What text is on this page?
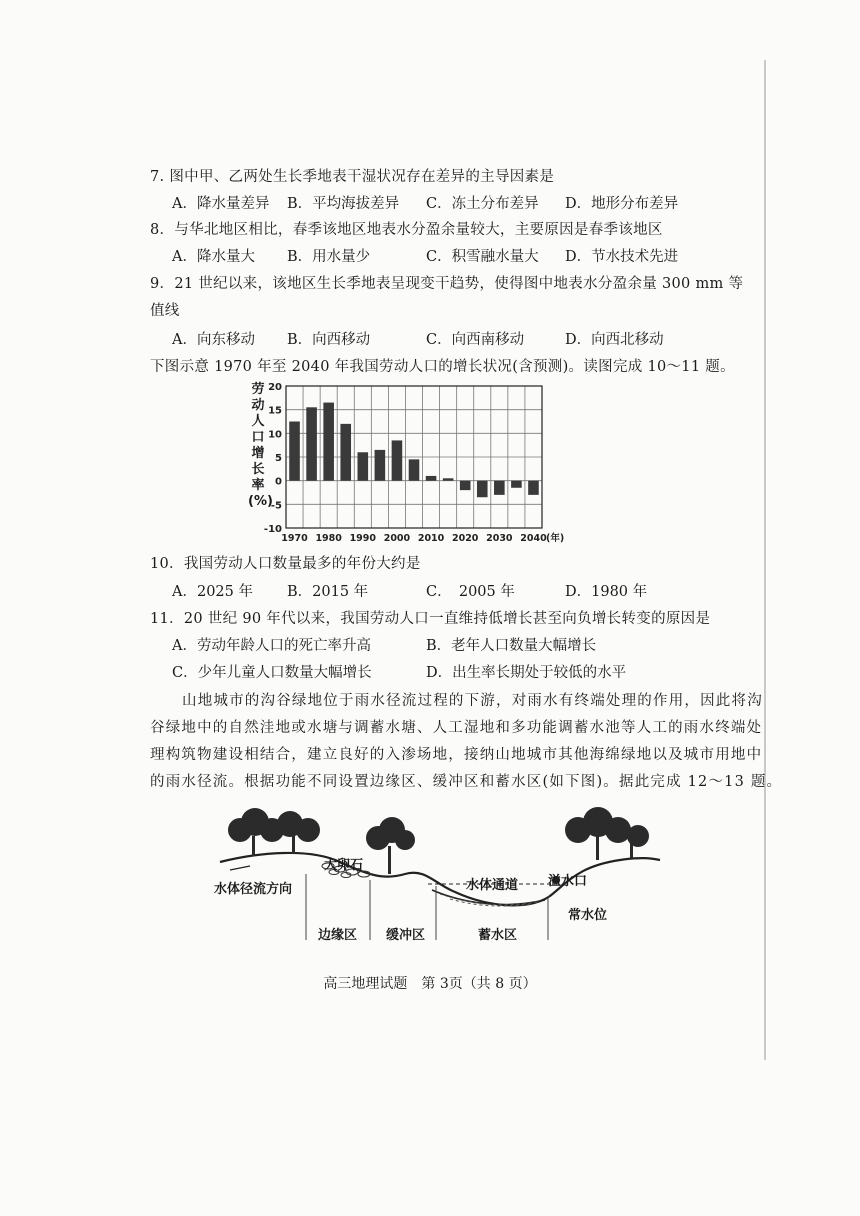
7. 图中甲、乙两处生长季地表干湿状况存在差异的主导因素是
A．降水量差异 B．平均海拔差异 C．冻土分布差异 D．地形分布差异
8．与华北地区相比，春季该地区地表水分盈余量较大，主要原因是春季该地区
A．降水量大 B．用水量少	C．积雪融水量大 D．节水技术先进
9．21 世纪以来，该地区生长季地表呈现变干趋势，使得图中地表水分盈余量 300 mm 等
值线
A．向东移动 B．向西移动	C．向西南移动	D．向西北移动
下图示意 1970 年至 2040 年我国劳动人口的增长状况(含预测)。读图完成 10～11 题。
劳动人口增长率(%)
-10
-5
0
5
10
15
20
1970 1980 1990 2000 2010 2020 2030 2040 (年)
10．我国劳动人口数量最多的年份大约是
A．2025 年 B．2015 年	C．　2005 年	D．1980 年
11．20 世纪 90 年代以来，我国劳动人口一直维持低增长甚至向负增长转变的原因是
A．劳动年龄人口的死亡率升高	B．老年人口数量大幅增长
C．少年儿童人口数量大幅增长	D．出生率长期处于较低的水平
山地城市的沟谷绿地位于雨水径流过程的下游，对雨水有终端处理的作用，因此将沟
谷绿地中的自然洼地或水塘与调蓄水塘、人工湿地和多功能调蓄水池等人工的雨水终端处
理构筑物建设相结合，建立良好的入渗场地，接纳山地城市其他海绵绿地以及城市用地中
的雨水径流。根据功能不同设置边缘区、缓冲区和蓄水区(如下图)。据此完成 12～13 题。
大卵石
水体径流方向	水体通道 溢水口
常水位
边缘区 缓冲区	蓄水区
高三地理试题　第 3页（共 8 页）
